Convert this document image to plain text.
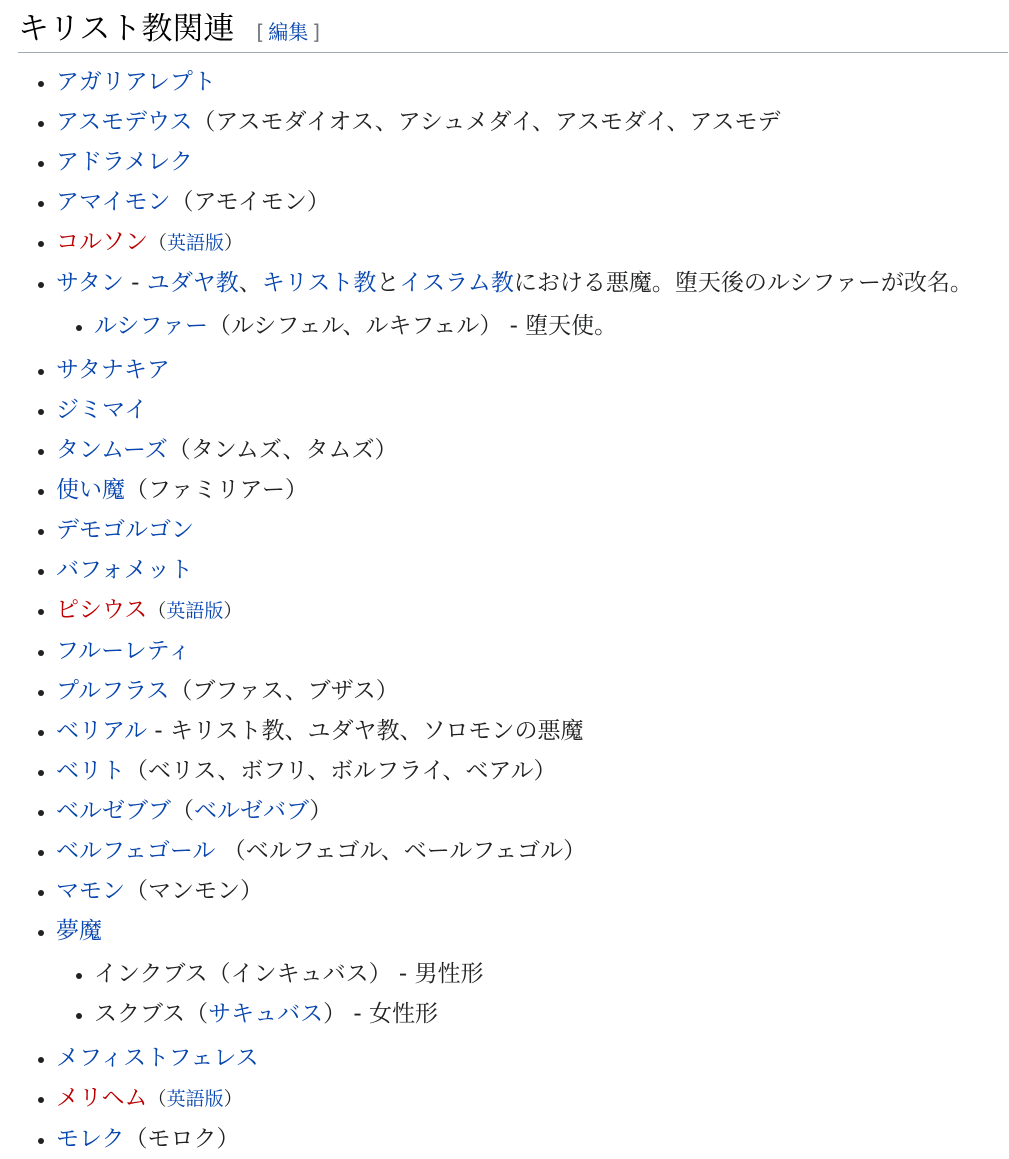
キリスト教関連 [ 編集 ]
アガリアレプト
アスモデウス（アスモダイオス、アシュメダイ、アスモダイ、アスモデ
アドラメレク
アマイモン（アモイモン）
コルソン（英語版）
サタン - ユダヤ教、キリスト教とイスラム教における悪魔。堕天後のルシファーが改名。
ルシファー（ルシフェル、ルキフェル） - 堕天使。
サタナキア
ジミマイ
タンムーズ（タンムズ、タムズ）
使い魔（ファミリアー）
デモゴルゴン
バフォメット
ピシウス（英語版）
フルーレティ
プルフラス（ブファス、ブザス）
ベリアル - キリスト教、ユダヤ教、ソロモンの悪魔
ベリト（ベリス、ボフリ、ボルフライ、ベアル）
ベルゼブブ（ベルゼバブ）
ベルフェゴール （ベルフェゴル、ベールフェゴル）
マモン（マンモン）
夢魔
インクブス（インキュバス） - 男性形
スクブス（サキュバス） - 女性形
メフィストフェレス
メリヘム（英語版）
モレク（モロク）
